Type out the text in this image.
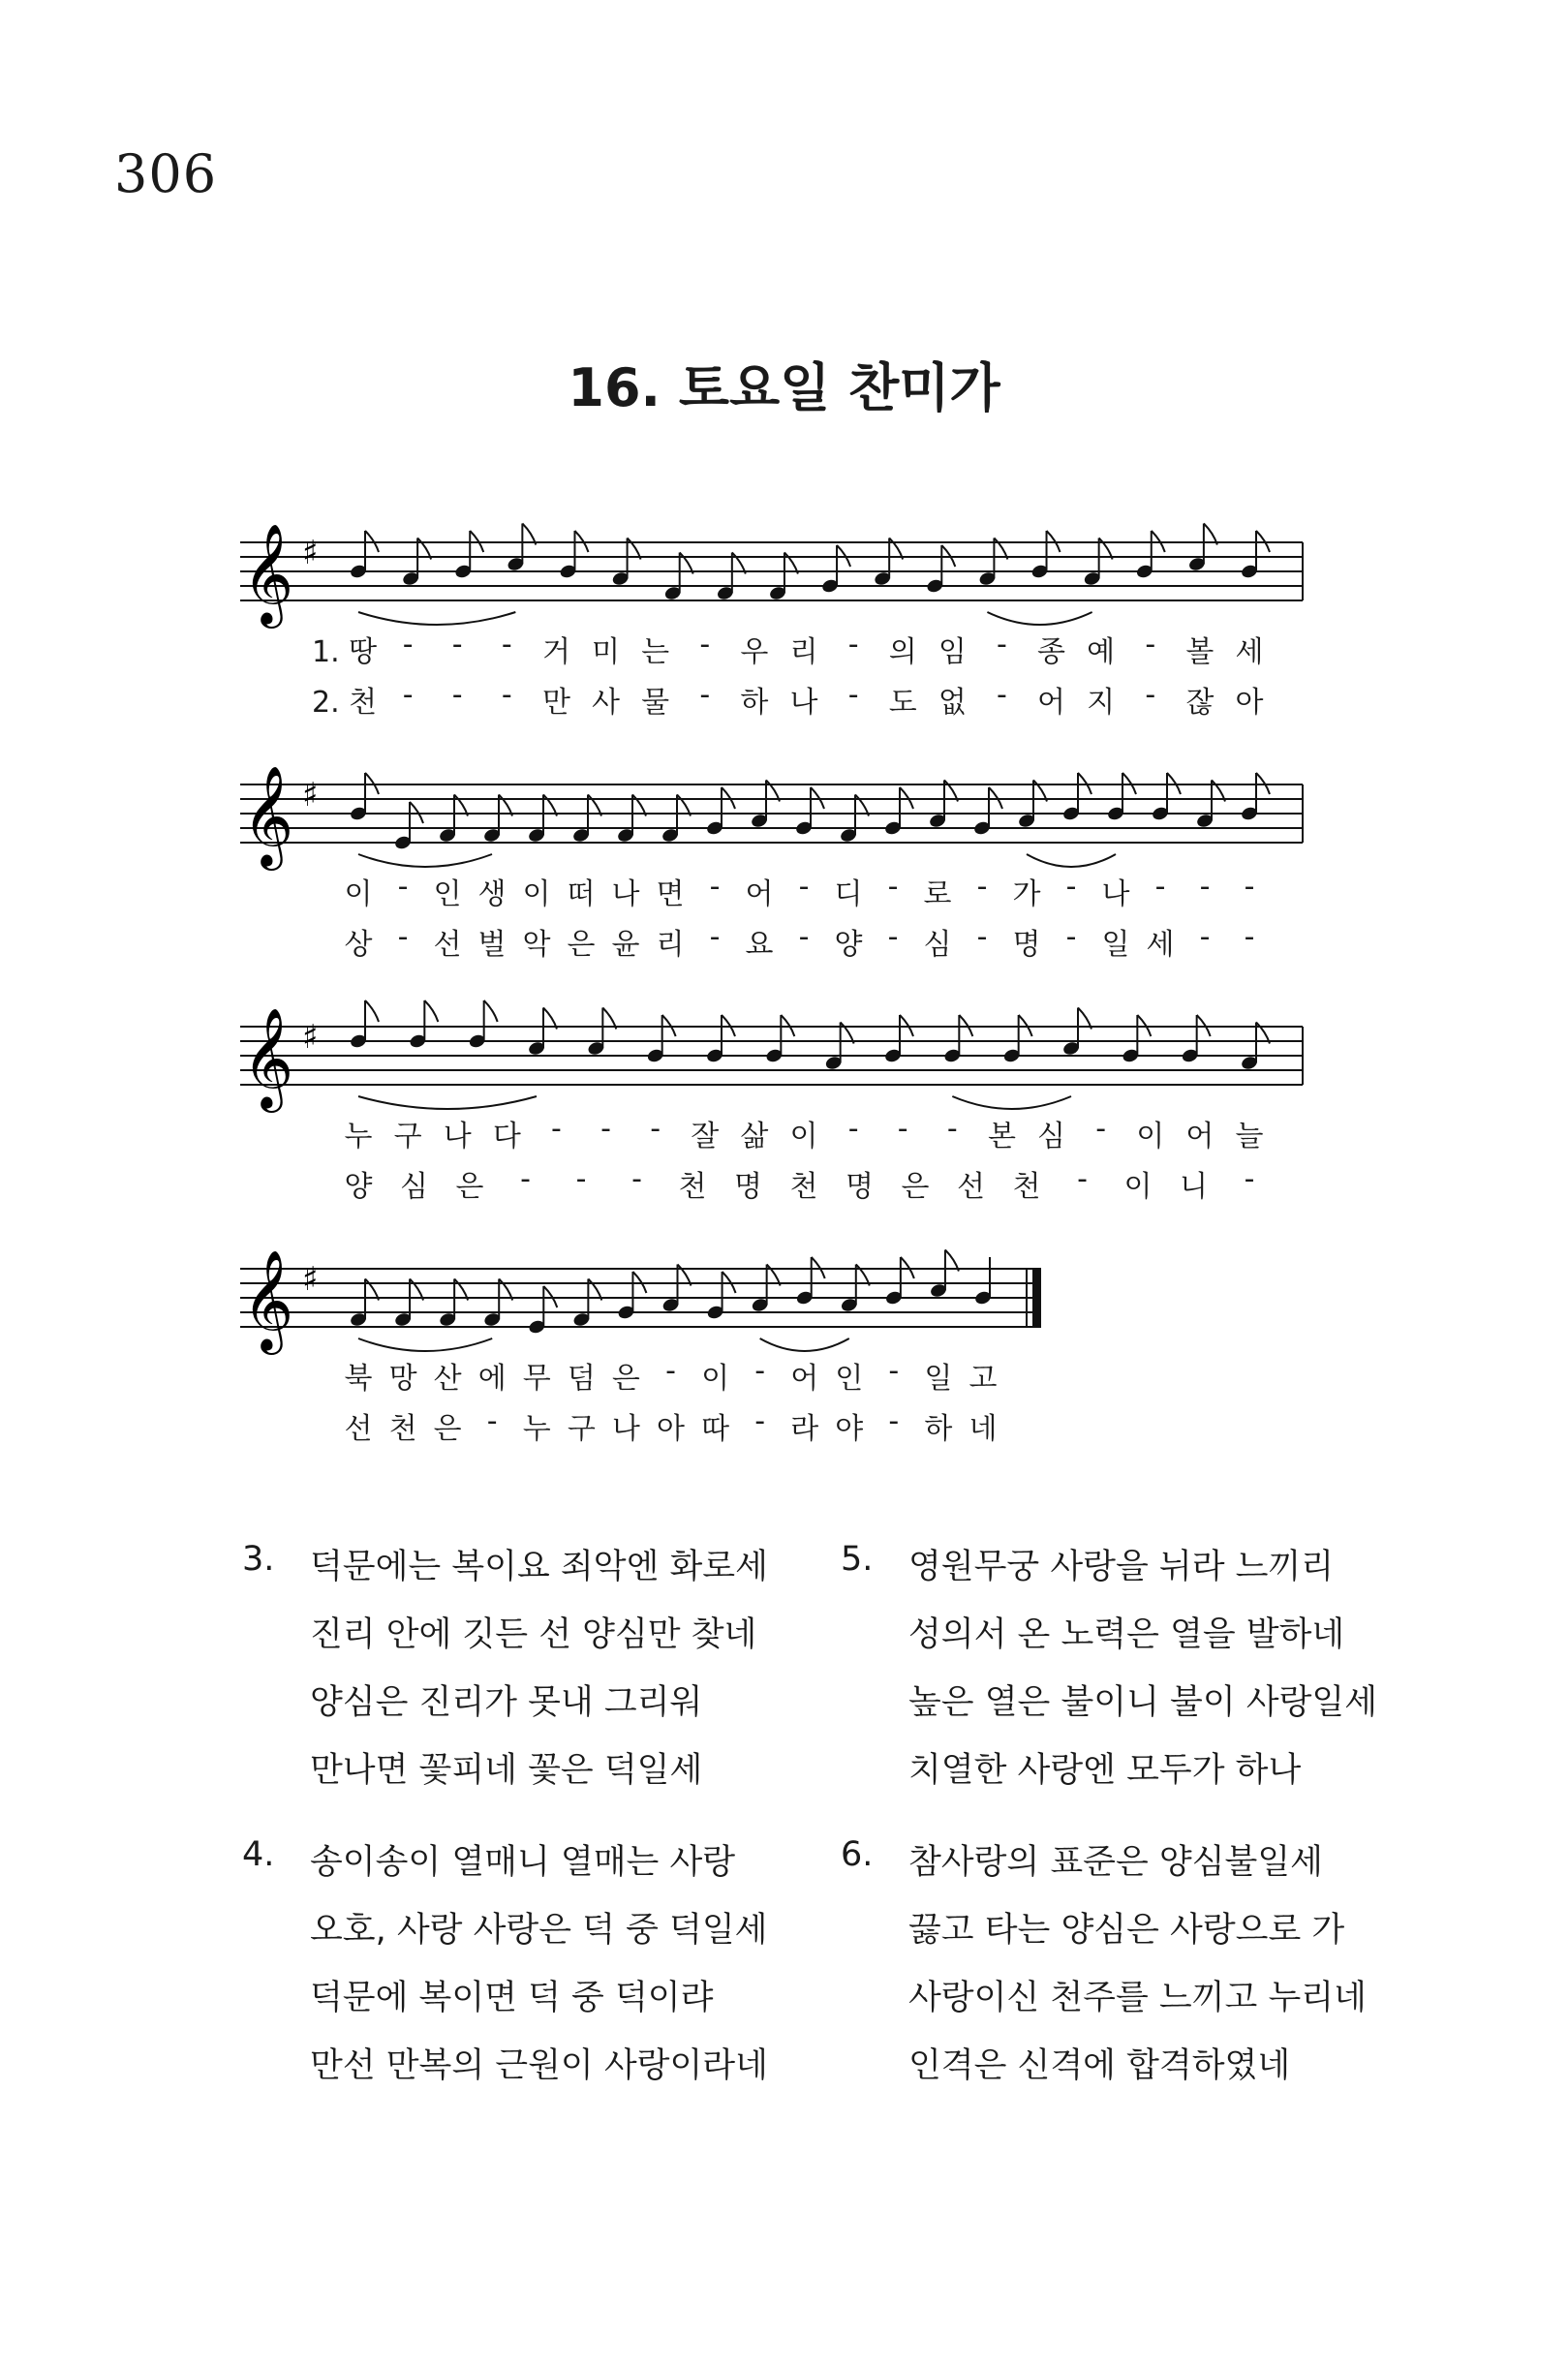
306
16. 토요일 찬미가
𝄞 ♯
1. 땅 - - - 거 미 는 - 우 리 - 의 임 - 종 예 - 볼 세
2. 천 - - - 만 사 물 - 하 나 - 도 없 - 어 지 - 잖 아
𝄞 ♯
이 - 인 생 이 떠 나 면 - 어 - 디 - 로 - 가 - 나 - - -
상 - 선 벌 악 은 윤 리 - 요 - 양 - 심 - 명 - 일 세 - -
𝄞 ♯
누 구 나 다 - - - 잘 삶 이 - - - 본 심 - 이 어 늘
양 심 은 - - - 천 명 천 명 은 선 천 - 이 니 -
𝄞 ♯
북 망 산 에 무 덤 은 - 이 - 어 인 - 일 고
선 천 은 - 누 구 나 아 따 - 라 야 - 하 네
3. 덕문에는 복이요 죄악엔 화로세
진리 안에 깃든 선 양심만 찾네
양심은 진리가 못내 그리워
만나면 꽃피네 꽃은 덕일세
5. 영원무궁 사랑을 뉘라 느끼리
성의서 온 노력은 열을 발하네
높은 열은 불이니 불이 사랑일세
치열한 사랑엔 모두가 하나
4. 송이송이 열매니 열매는 사랑
오호, 사랑 사랑은 덕 중 덕일세
덕문에 복이면 덕 중 덕이랴
만선 만복의 근원이 사랑이라네
6. 참사랑의 표준은 양심불일세
끓고 타는 양심은 사랑으로 가
사랑이신 천주를 느끼고 누리네
인격은 신격에 합격하였네
